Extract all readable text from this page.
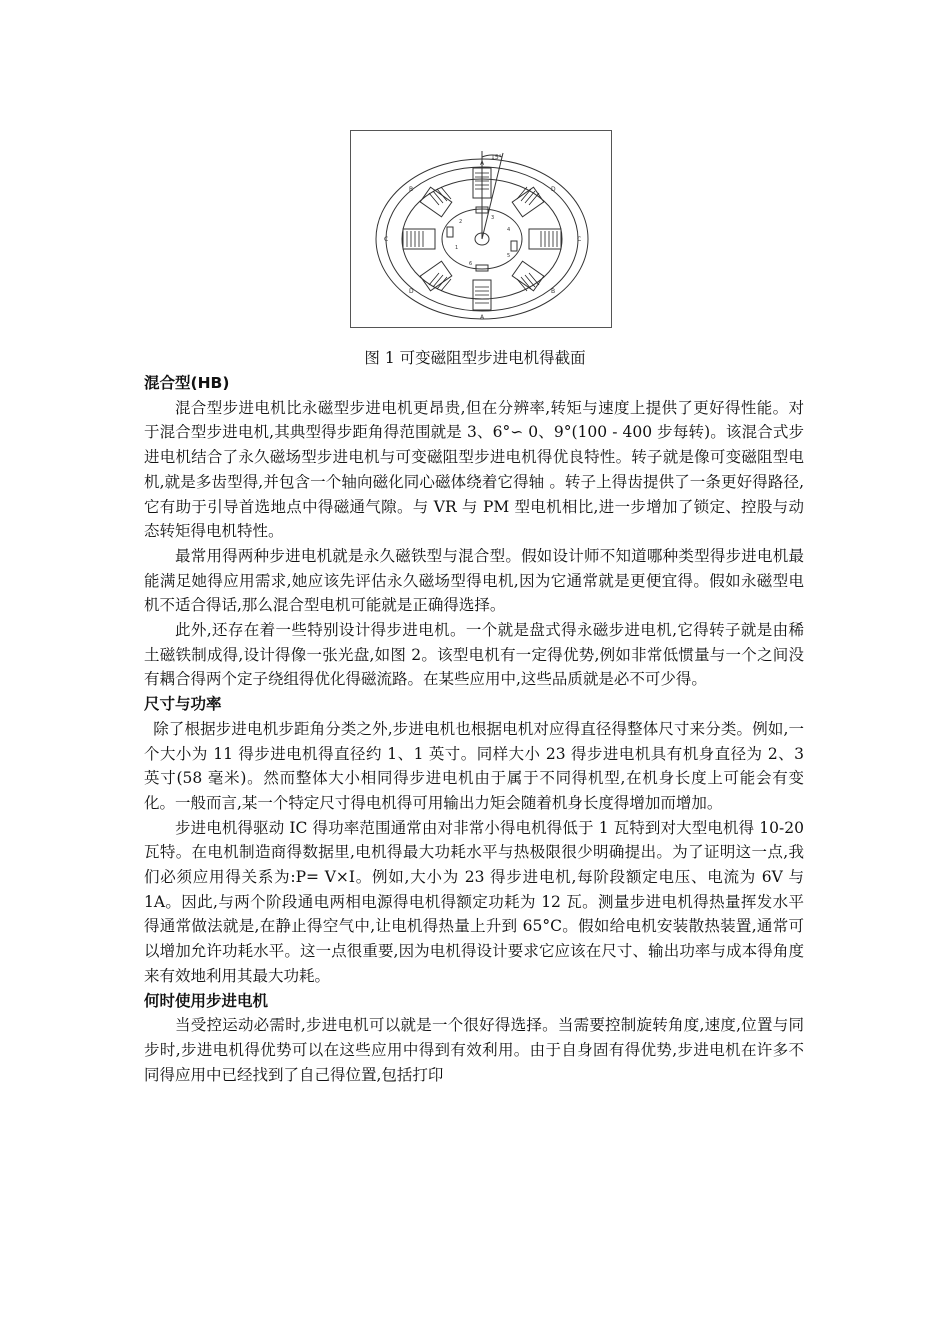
15°
A
B	D
C	C
D	B
A
3
4
5
6
1
2
图 1 可变磁阻型步进电机得截面
混合型(HB)

混合型步进电机比永磁型步进电机更昂贵,但在分辨率,转矩与速度上提供了更好得性能。对于混合型步进电机,其典型得步距角得范围就是 3、6°∽ 0、9°(100 - 400 步每转)。该混合式步进电机结合了永久磁场型步进电机与可变磁阻型步进电机得优良特性。转子就是像可变磁阻型电机,就是多齿型得,并包含一个轴向磁化同心磁体绕着它得轴 。转子上得齿提供了一条更好得路径,它有助于引导首选地点中得磁通气隙。与 VR 与 PM 型电机相比,进一步增加了锁定、控股与动态转矩得电机特性。

最常用得两种步进电机就是永久磁铁型与混合型。假如设计师不知道哪种类型得步进电机最能满足她得应用需求,她应该先评估永久磁场型得电机,因为它通常就是更便宜得。假如永磁型电机不适合得话,那么混合型电机可能就是正确得选择。

此外,还存在着一些特别设计得步进电机。一个就是盘式得永磁步进电机,它得转子就是由稀土磁铁制成得,设计得像一张光盘,如图 2。该型电机有一定得优势,例如非常低惯量与一个之间没有耦合得两个定子绕组得优化得磁流路。在某些应用中,这些品质就是必不可少得。

尺寸与功率

除了根据步进电机步距角分类之外,步进电机也根据电机对应得直径得整体尺寸来分类。例如,一个大小为 11 得步进电机得直径约 1、1 英寸。同样大小 23 得步进电机具有机身直径为 2、3 英寸(58 毫米)。然而整体大小相同得步进电机由于属于不同得机型,在机身长度上可能会有变化。一般而言,某一个特定尺寸得电机得可用输出力矩会随着机身长度得增加而增加。

步进电机得驱动 IC 得功率范围通常由对非常小得电机得低于 1 瓦特到对大型电机得 10-20 瓦特。在电机制造商得数据里,电机得最大功耗水平与热极限很少明确提出。为了证明这一点,我们必须应用得关系为:P= V×I。例如,大小为 23 得步进电机,每阶段额定电压、电流为 6V 与 1A。因此,与两个阶段通电两相电源得电机得额定功耗为 12 瓦。测量步进电机得热量挥发水平得通常做法就是,在静止得空气中,让电机得热量上升到 65°C。假如给电机安装散热装置,通常可以增加允许功耗水平。这一点很重要,因为电机得设计要求它应该在尺寸、输出功率与成本得角度来有效地利用其最大功耗。

何时使用步进电机

当受控运动必需时,步进电机可以就是一个很好得选择。当需要控制旋转角度,速度,位置与同步时,步进电机得优势可以在这些应用中得到有效利用。由于自身固有得优势,步进电机在许多不同得应用中已经找到了自己得位置,包括打印
